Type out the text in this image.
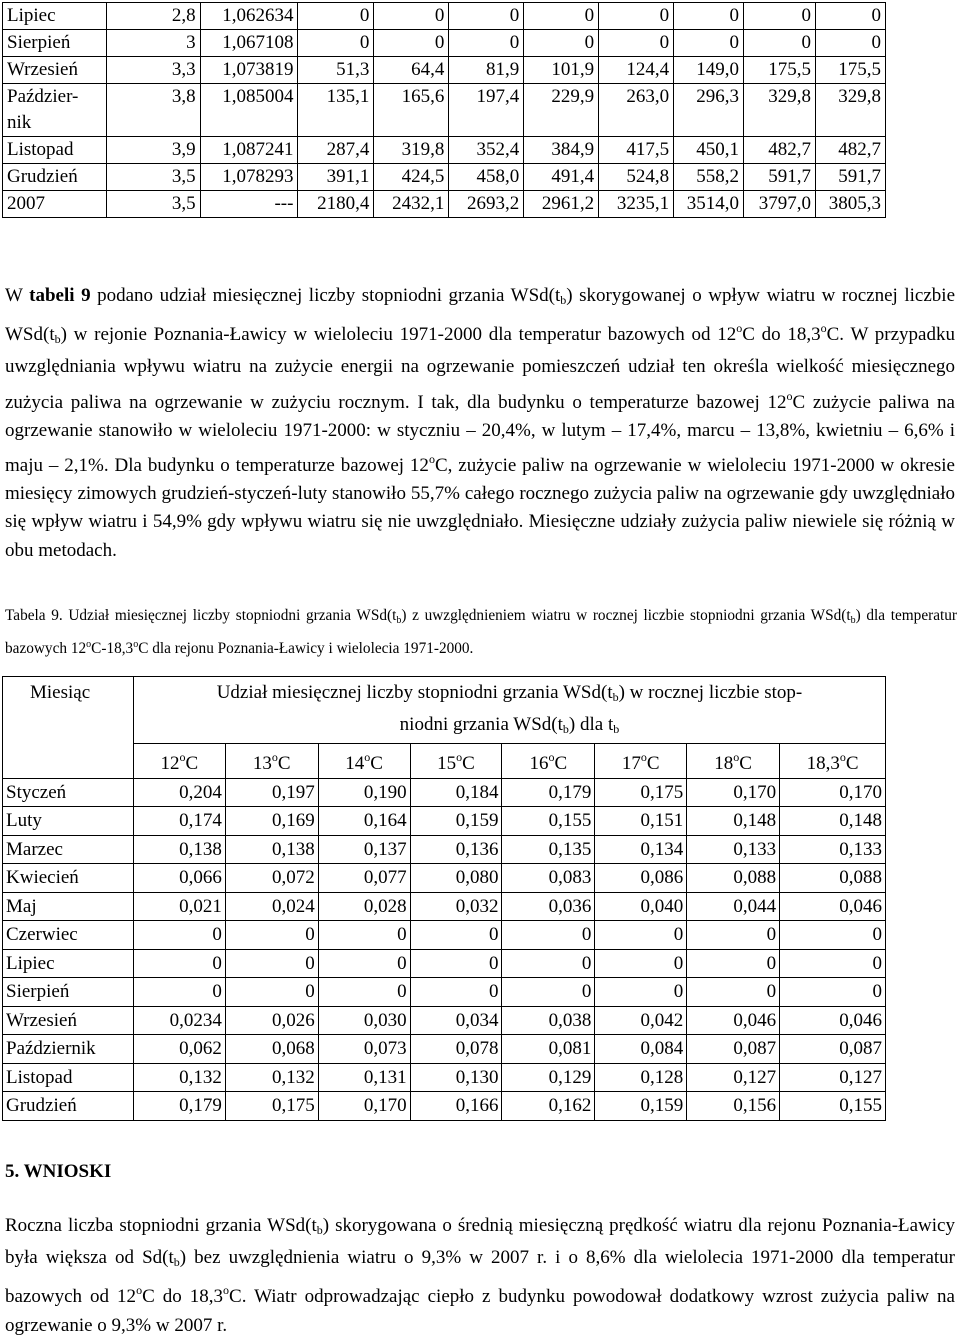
Lipiec	2,8	1,062634	0	0	0	0	0	0	0	0
Sierpień	3	1,067108	0	0	0	0	0	0	0	0
Wrzesień	3,3	1,073819	51,3	64,4	81,9	101,9	124,4	149,0	175,5	175,5
Paździer-
nik	3,8	1,085004	135,1	165,6	197,4	229,9	263,0	296,3	329,8	329,8
Listopad	3,9	1,087241	287,4	319,8	352,4	384,9	417,5	450,1	482,7	482,7
Grudzień	3,5	1,078293	391,1	424,5	458,0	491,4	524,8	558,2	591,7	591,7
2007	3,5	---	2180,4	2432,1	2693,2	2961,2	3235,1	3514,0	3797,0	3805,3
W tabeli 9 podano udział miesięcznej liczby stopniodni grzania $WSd(t_b)$ skorygowanej o wpływ wiatru w rocznej liczbie $WSd(t_b)$ w rejonie Poznania-Ławicy w wieloleciu 1971-2000 dla temperatur bazowych od 12$^o$C do 18,3$^o$C. W przypadku uwzględniania wpływu wiatru na zużycie energii na ogrzewanie pomieszczeń udział ten określa wielkość miesięcznego zużycia paliwa na ogrzewanie w zużyciu rocznym. I tak, dla budynku o temperaturze bazowej 12$^o$C zużycie paliwa na ogrzewanie stanowiło w wieloleciu 1971-2000: w styczniu – 20,4%, w lutym – 17,4%, marcu – 13,8%, kwietniu – 6,6% i maju – 2,1%. Dla budynku o temperaturze bazowej 12$^o$C, zużycie paliw na ogrzewanie w wieloleciu 1971-2000 w okresie miesięcy zimowych grudzień-styczeń-luty stanowiło 55,7% całego rocznego zużycia paliw na ogrzewanie gdy uwzględniało się wpływ wiatru i 54,9% gdy wpływu wiatru się nie uwzględniało. Miesięczne udziały zużycia paliw niewiele się różnią w obu metodach.
Tabela 9. Udział miesięcznej liczby stopniodni grzania $WSd(t_b)$ z uwzględnieniem wiatru w rocznej liczbie stopniodni grzania $WSd(t_b)$ dla temperatur bazowych 12$^o$C-18,3$^o$C dla rejonu Poznania-Ławicy i wielolecia 1971-2000.
Miesiąc	Udział miesięcznej liczby stopniodni grzania $WSd(t_b)$ w rocznej liczbie stop-
niodni grzania $WSd(t_b)$ dla $t_b$
	12$^o$C	13$^o$C	14$^o$C	15$^o$C	16$^o$C	17$^o$C	18$^o$C	18,3$^o$C
Styczeń	0,204	0,197	0,190	0,184	0,179	0,175	0,170	0,170
Luty	0,174	0,169	0,164	0,159	0,155	0,151	0,148	0,148
Marzec	0,138	0,138	0,137	0,136	0,135	0,134	0,133	0,133
Kwiecień	0,066	0,072	0,077	0,080	0,083	0,086	0,088	0,088
Maj	0,021	0,024	0,028	0,032	0,036	0,040	0,044	0,046
Czerwiec	0	0	0	0	0	0	0	0
Lipiec	0	0	0	0	0	0	0	0
Sierpień	0	0	0	0	0	0	0	0
Wrzesień	0,0234	0,026	0,030	0,034	0,038	0,042	0,046	0,046
Październik	0,062	0,068	0,073	0,078	0,081	0,084	0,087	0,087
Listopad	0,132	0,132	0,131	0,130	0,129	0,128	0,127	0,127
Grudzień	0,179	0,175	0,170	0,166	0,162	0,159	0,156	0,155
5. WNIOSKI
Roczna liczba stopniodni grzania $WSd(t_b)$ skorygowana o średnią miesięczną prędkość wiatru dla rejonu Poznania-Ławicy była większa od $Sd(t_b)$ bez uwzględnienia wiatru o 9,3% w 2007 r. i o 8,6% dla wielolecia 1971-2000 dla temperatur bazowych od 12$^o$C do 18,3$^o$C. Wiatr odprowadzając ciepło z budynku powodował dodatkowy wzrost zużycia paliw na ogrzewanie o 9,3% w 2007 r.
